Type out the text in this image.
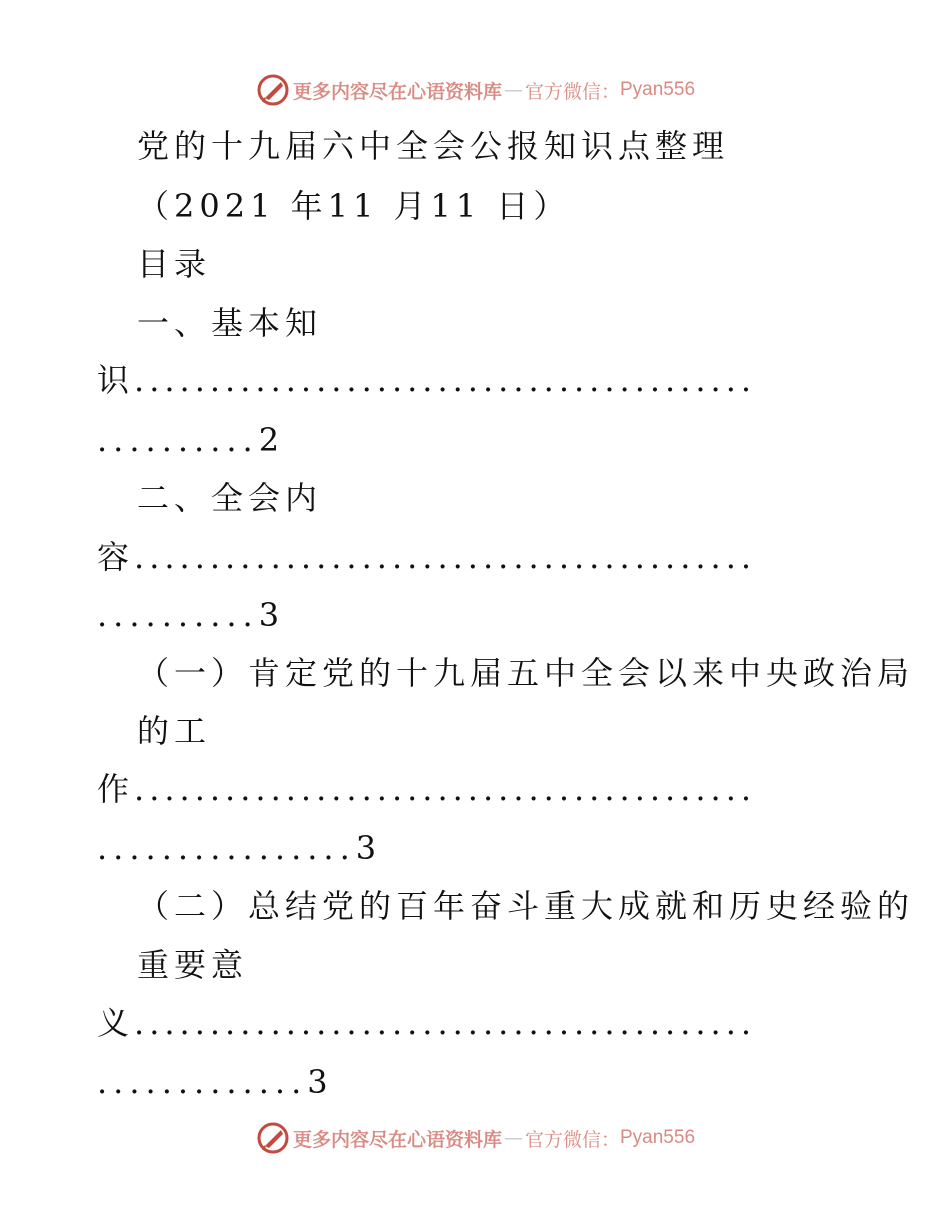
更多内容尽在心语资料库 — 官方微信： Pyan556
党的十九届六中全会公报知识点整理
（2021 年11 月11 日）
目录
一、基本知
识.........................................
..........2
二、全会内
容.........................................
..........3
（一）肯定党的十九届五中全会以来中央政治局
的工
作.........................................
................3
（二）总结党的百年奋斗重大成就和历史经验的
重要意
义.........................................
.............3
更多内容尽在心语资料库 — 官方微信： Pyan556
